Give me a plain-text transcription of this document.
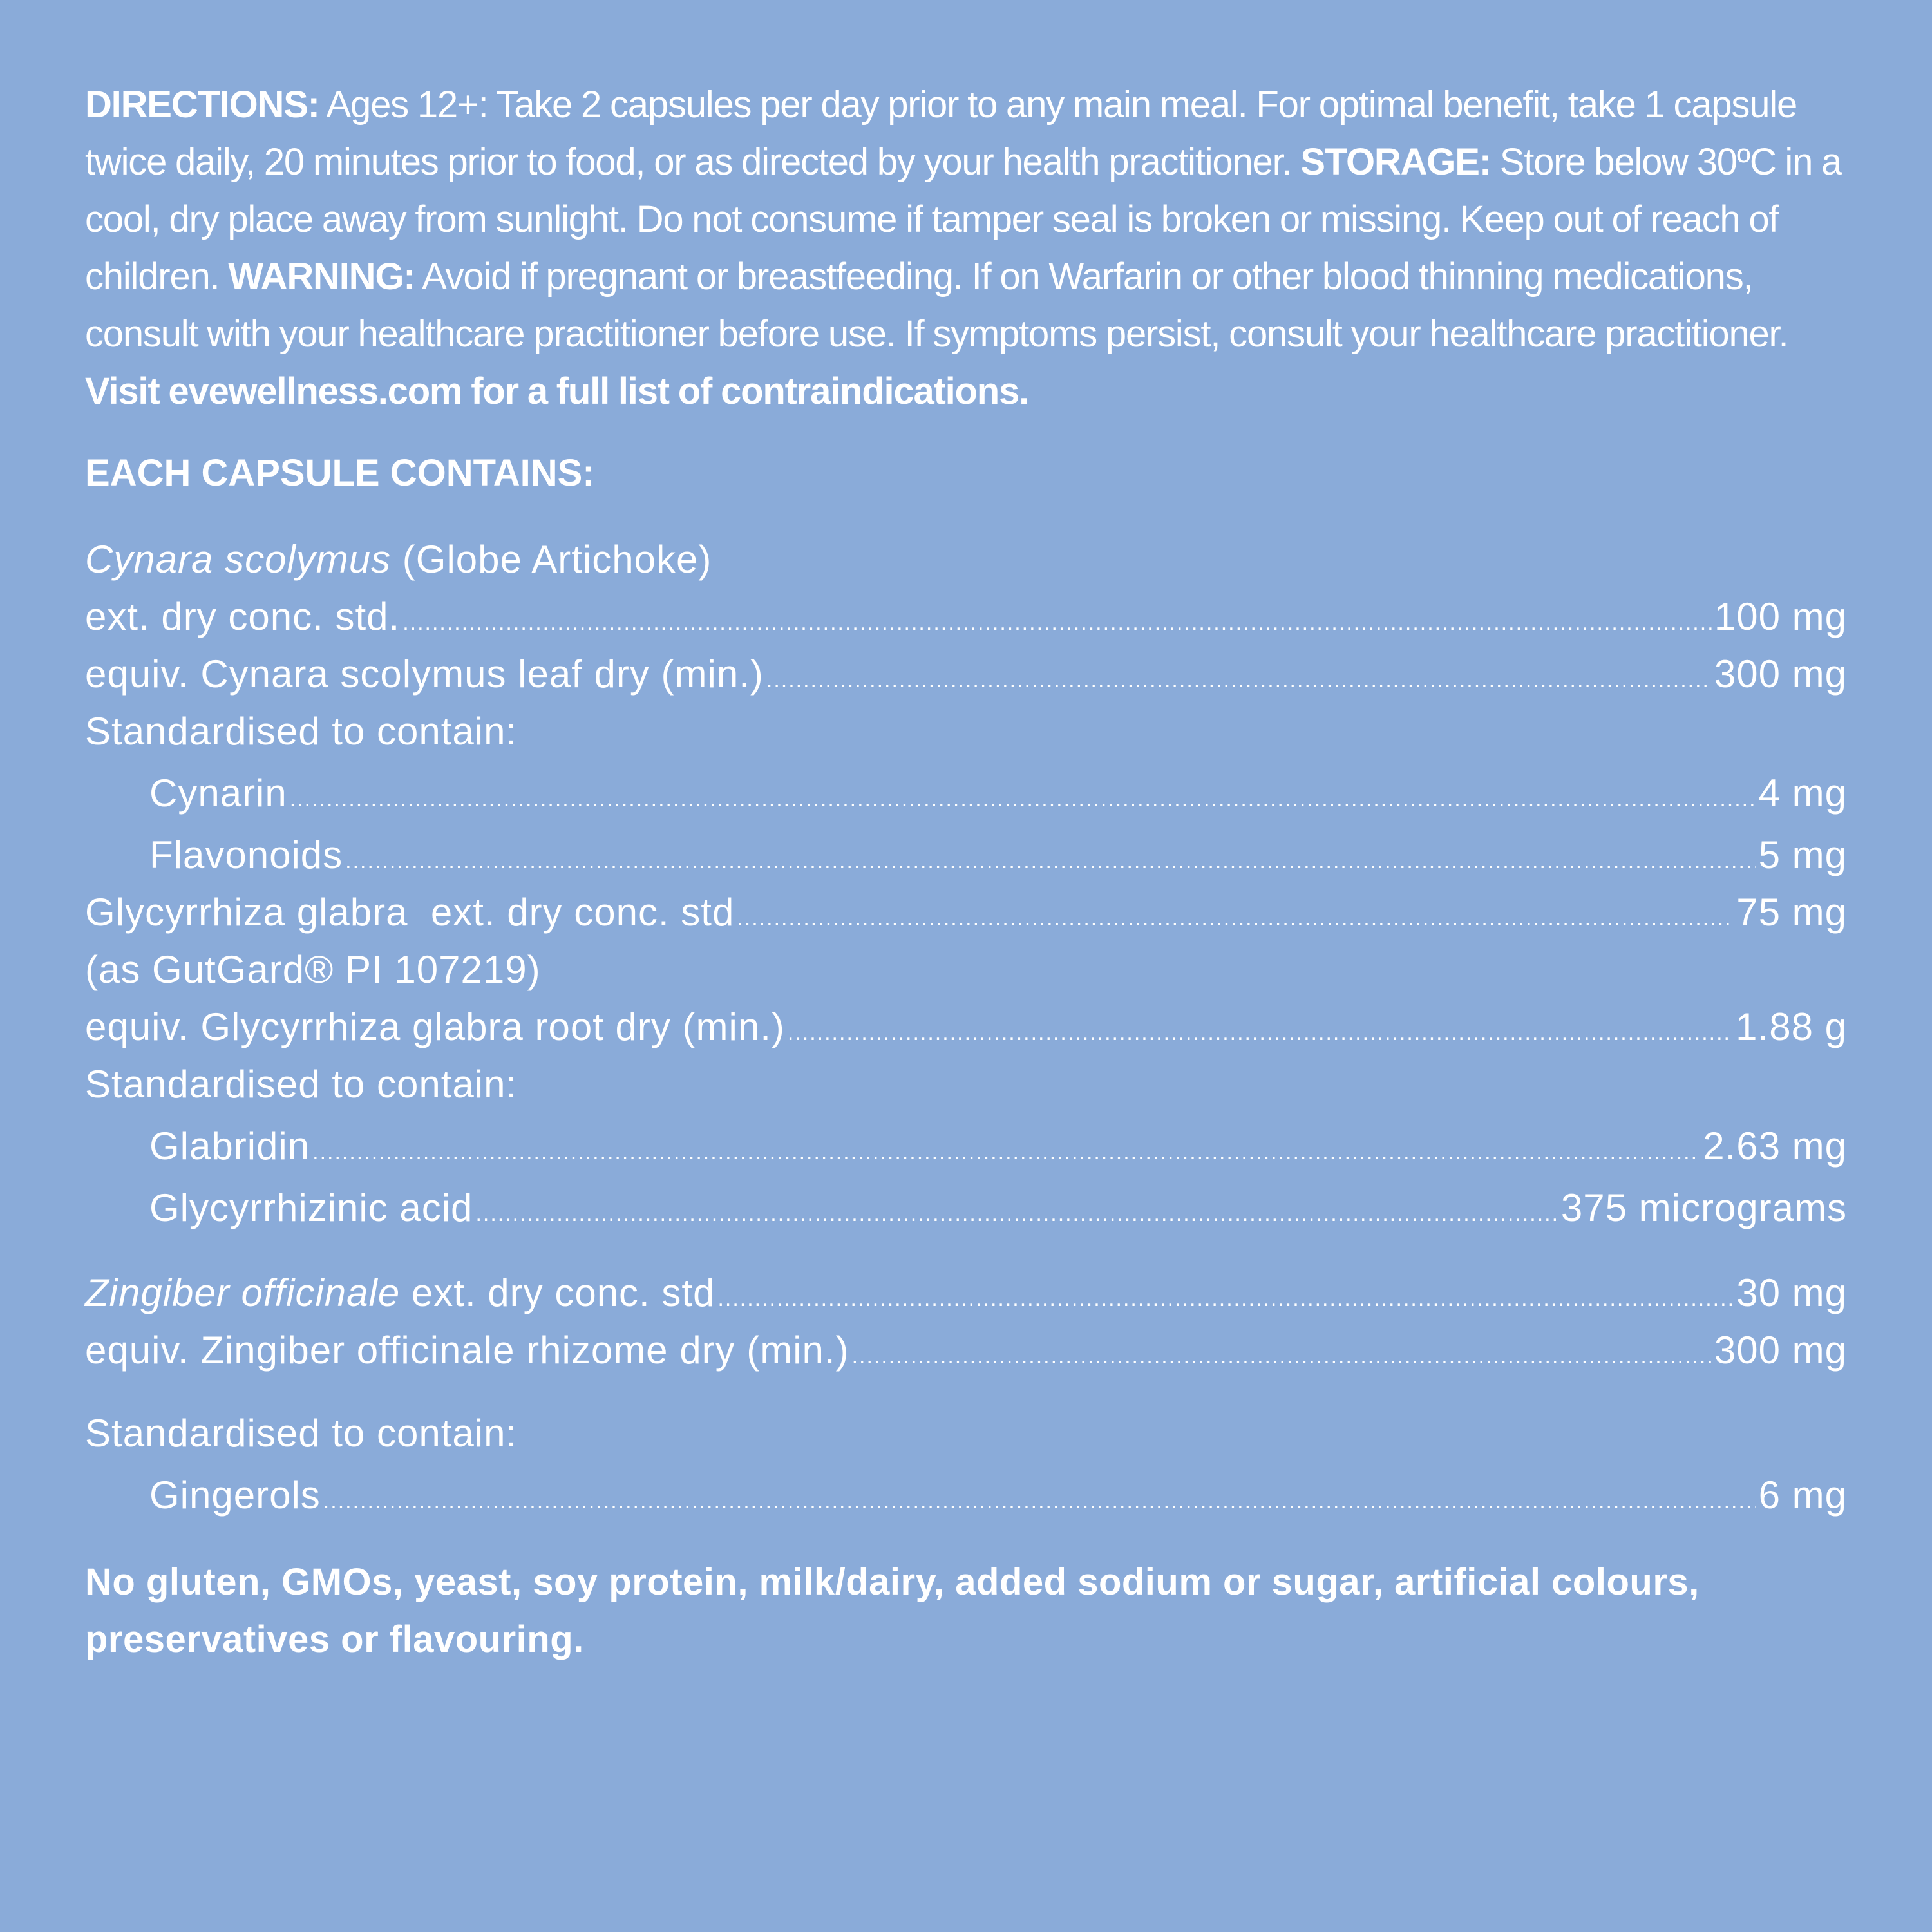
DIRECTIONS: Ages 12+: Take 2 capsules per day prior to any main meal. For optimal benefit, take 1 capsule twice daily, 20 minutes prior to food, or as directed by your health practitioner. STORAGE: Store below 30ºC in a cool, dry place away from sunlight. Do not consume if tamper seal is broken or missing. Keep out of reach of children. WARNING: Avoid if pregnant or breastfeeding. If on Warfarin or other blood thinning medications, consult with your healthcare practitioner before use. If symptoms persist, consult your healthcare practitioner. Visit evewellness.com for a full list of contraindications.
EACH CAPSULE CONTAINS:
Cynara scolymus (Globe Artichoke)
ext. dry conc. std. .....	100 mg
equiv. Cynara scolymus leaf dry (min.) .....	300 mg
Standardised to contain:
Cynarin .....	4 mg
Flavonoids .....	5 mg
Glycyrrhiza glabra  ext. dry conc. std .....	75 mg
(as GutGard® PI 107219)
equiv. Glycyrrhiza glabra root dry (min.) .....	1.88 g
Standardised to contain:
Glabridin .....	2.63 mg
Glycyrrhizinic acid .....	375 micrograms
Zingiber officinale ext. dry conc. std .....	30 mg
equiv. Zingiber officinale rhizome dry (min.) .....	300 mg
Standardised to contain:
Gingerols .....	6 mg
No gluten, GMOs, yeast, soy protein, milk/dairy, added sodium or sugar, artificial colours, preservatives or flavouring.
